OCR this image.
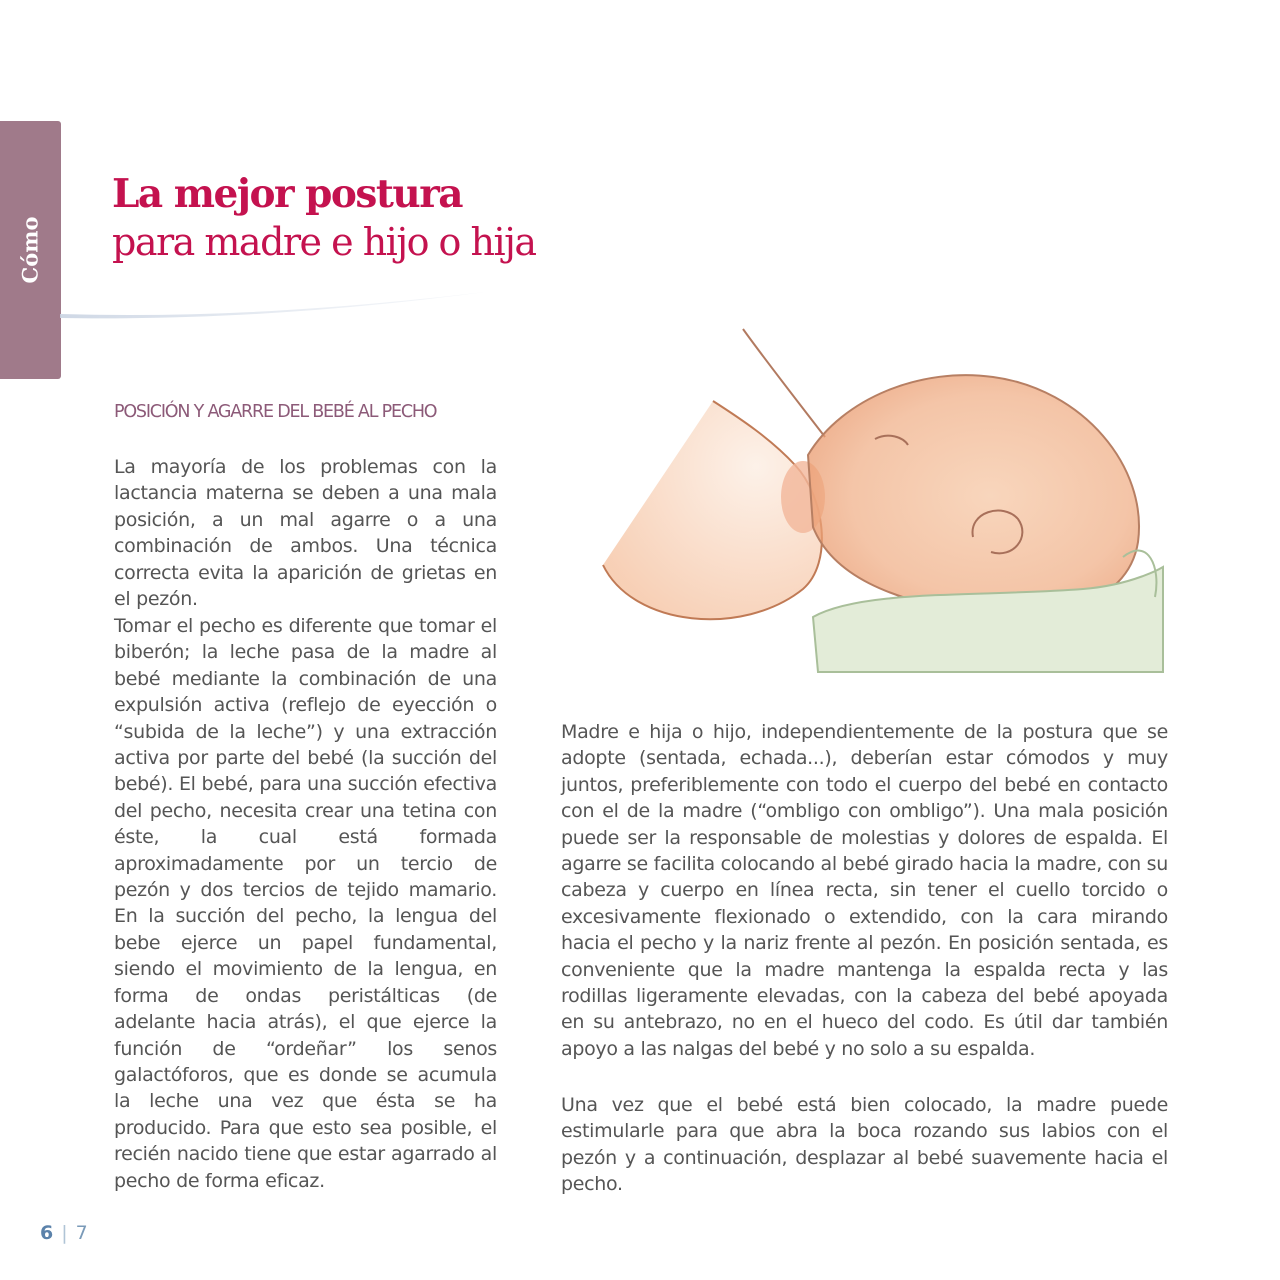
Cómo
La mejor postura
para madre e hijo o hija
POSICIÓN Y AGARRE DEL BEBÉ AL PECHO

La mayoría de los problemas con la lactancia materna se deben a una mala posición, a un mal agarre o a una combinación de ambos. Una técnica correcta evita la aparición de grietas en el pezón.

Tomar el pecho es diferente que tomar el biberón; la leche pasa de la madre al bebé mediante la combinación de una expulsión activa (reflejo de eyección o “subida de la leche”) y una extracción activa por parte del bebé (la succión del bebé). El bebé, para una succión efectiva del pecho, necesita crear una tetina con éste, la cual está formada aproximadamente por un tercio de pezón y dos tercios de tejido mamario. En la succión del pecho, la lengua del bebe ejerce un papel fundamental, siendo el movimiento de la lengua, en forma de ondas peristálticas (de adelante hacia atrás), el que ejerce la función de “ordeñar” los senos galactóforos, que es donde se acumula la leche una vez que ésta se ha producido. Para que esto sea posible, el recién nacido tiene que estar agarrado al pecho de forma eficaz.

Madre e hija o hijo, independientemente de la postura que se adopte (sentada, echada...), deberían estar cómodos y muy juntos, preferiblemente con todo el cuerpo del bebé en contacto con el de la madre (“ombligo con ombligo”). Una mala posición puede ser la responsable de molestias y dolores de espalda. El agarre se facilita colocando al bebé girado hacia la madre, con su cabeza y cuerpo en línea recta, sin tener el cuello torcido o excesivamente flexionado o extendido, con la cara mirando hacia el pecho y la nariz frente al pezón. En posición sentada, es conveniente que la madre mantenga la espalda recta y las rodillas ligeramente elevadas, con la cabeza del bebé apoyada en su antebrazo, no en el hueco del codo. Es útil dar también apoyo a las nalgas del bebé y no solo a su espalda.

Una vez que el bebé está bien colocado, la madre puede estimularle para que abra la boca rozando sus labios con el pezón y a continuación, desplazar al bebé suavemente hacia el pecho.

6 | 7
